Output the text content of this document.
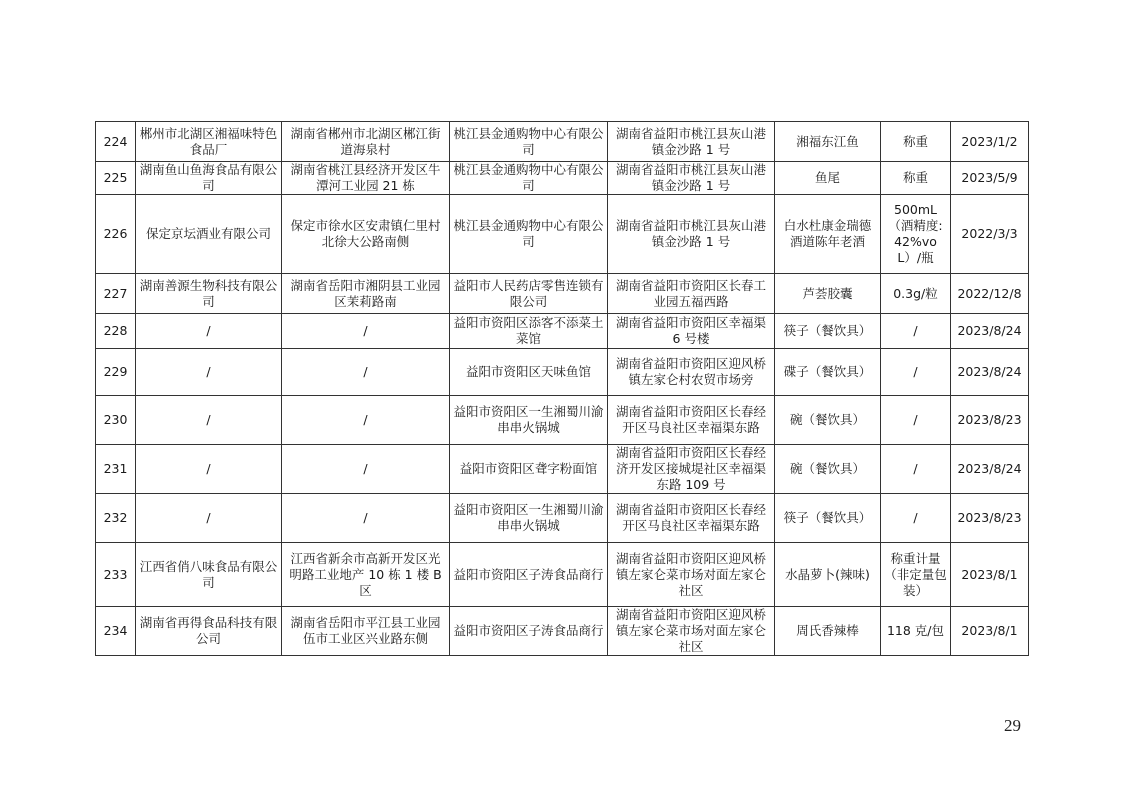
224	郴州市北湖区湘福味特色食品厂	湖南省郴州市北湖区郴江街道海泉村	桃江县金通购物中心有限公司	湖南省益阳市桃江县灰山港镇金沙路 1 号	湘福东江鱼	称重	2023/1/2
225	湖南鱼山鱼海食品有限公司	湖南省桃江县经济开发区牛潭河工业园 21 栋	桃江县金通购物中心有限公司	湖南省益阳市桃江县灰山港镇金沙路 1 号	鱼尾	称重	2023/5/9
226	保定京坛酒业有限公司	保定市徐水区安肃镇仁里村北徐大公路南侧	桃江县金通购物中心有限公司	湖南省益阳市桃江县灰山港镇金沙路 1 号	白水杜康金瑞德酒道陈年老酒	500mL（酒精度: 42%voL）/瓶	2022/3/3
227	湖南善源生物科技有限公司	湖南省岳阳市湘阴县工业园区茉莉路南	益阳市人民药店零售连锁有限公司	湖南省益阳市资阳区长春工业园五福西路	芦荟胶囊	0.3g/粒	2022/12/8
228	/	/	益阳市资阳区添客不添菜土菜馆	湖南省益阳市资阳区幸福渠 6 号楼	筷子（餐饮具）	/	2023/8/24
229	/	/	益阳市资阳区天味鱼馆	湖南省益阳市资阳区迎风桥镇左家仑村农贸市场旁	碟子（餐饮具）	/	2023/8/24
230	/	/	益阳市资阳区一生湘蜀川渝串串火锅城	湖南省益阳市资阳区长春经开区马良社区幸福渠东路	碗（餐饮具）	/	2023/8/23
231	/	/	益阳市资阳区聋字粉面馆	湖南省益阳市资阳区长春经济开发区接城堤社区幸福渠东路 109 号	碗（餐饮具）	/	2023/8/24
232	/	/	益阳市资阳区一生湘蜀川渝串串火锅城	湖南省益阳市资阳区长春经开区马良社区幸福渠东路	筷子（餐饮具）	/	2023/8/23
233	江西省俏八味食品有限公司	江西省新余市高新开发区光明路工业地产 10 栋 1 楼 B 区	益阳市资阳区子涛食品商行	湖南省益阳市资阳区迎风桥镇左家仑菜市场对面左家仑社区	水晶萝卜(辣味)	称重计量（非定量包装）	2023/8/1
234	湖南省再得食品科技有限公司	湖南省岳阳市平江县工业园伍市工业区兴业路东侧	益阳市资阳区子涛食品商行	湖南省益阳市资阳区迎风桥镇左家仑菜市场对面左家仑社区	周氏香辣棒	118 克/包	2023/8/1
29
